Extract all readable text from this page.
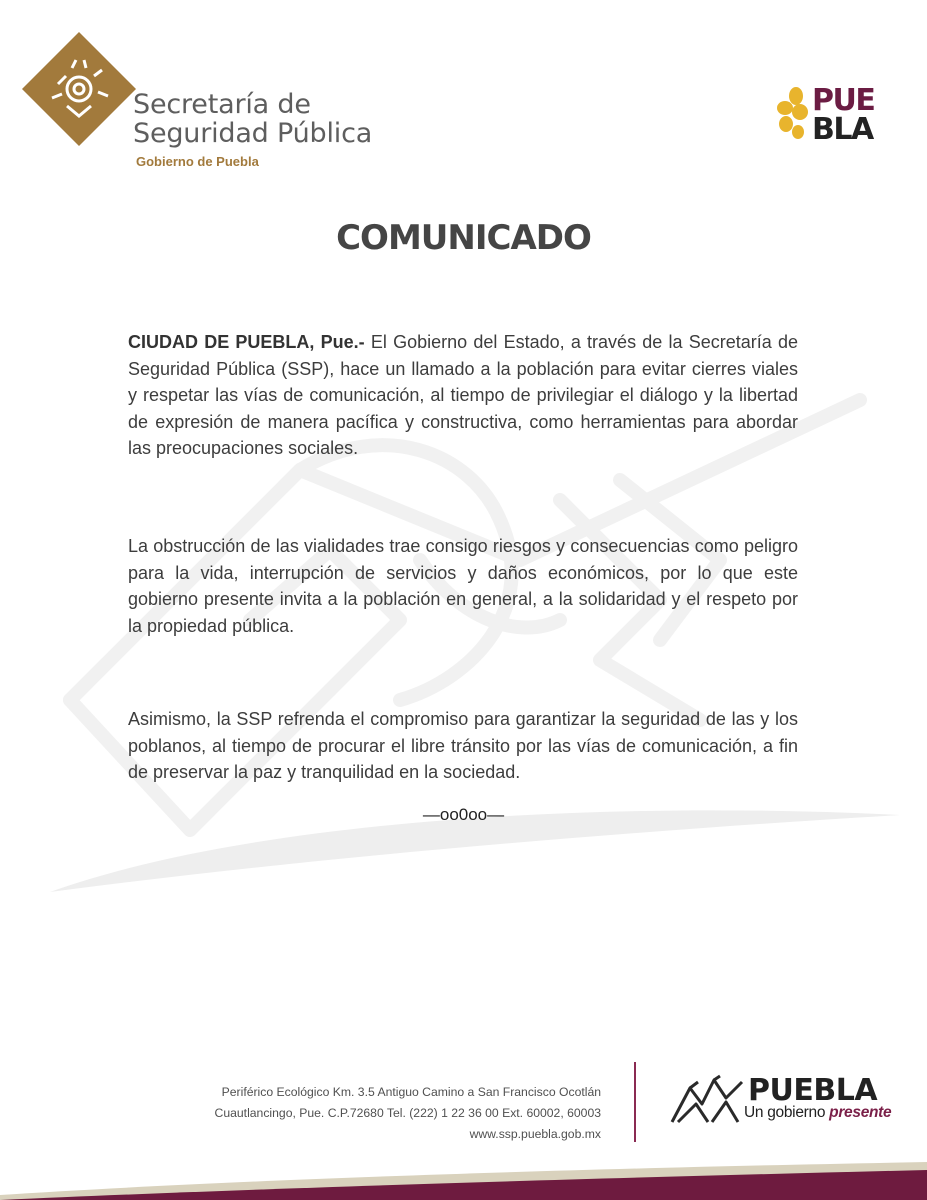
Secretaría de
Seguridad Pública
Gobierno de Puebla
PUE
BLA
COMUNICADO
CIUDAD DE PUEBLA, Pue.- El Gobierno del Estado, a través de la Secretaría de Seguridad Pública (SSP), hace un llamado a la población para evitar cierres viales y respetar las vías de comunicación, al tiempo de privilegiar el diálogo y la libertad de expresión de manera pacífica y constructiva, como herramientas para abordar las preocupaciones sociales.
La obstrucción de las vialidades trae consigo riesgos y consecuencias como peligro para la vida, interrupción de servicios y daños económicos, por lo que este gobierno presente invita a la población en general, a la solidaridad y el respeto por la propiedad pública.
Asimismo, la SSP refrenda el compromiso para garantizar la seguridad de las y los poblanos, al tiempo de procurar el libre tránsito por las vías de comunicación, a fin de preservar la paz y tranquilidad en la sociedad.
—oo0oo—
Periférico Ecológico Km. 3.5 Antiguo Camino a San Francisco Ocotlán
Cuautlancingo, Pue. C.P.72680 Tel. (222) 1 22 36 00 Ext. 60002, 60003
www.ssp.puebla.gob.mx
PUEBLA
Un gobierno presente
